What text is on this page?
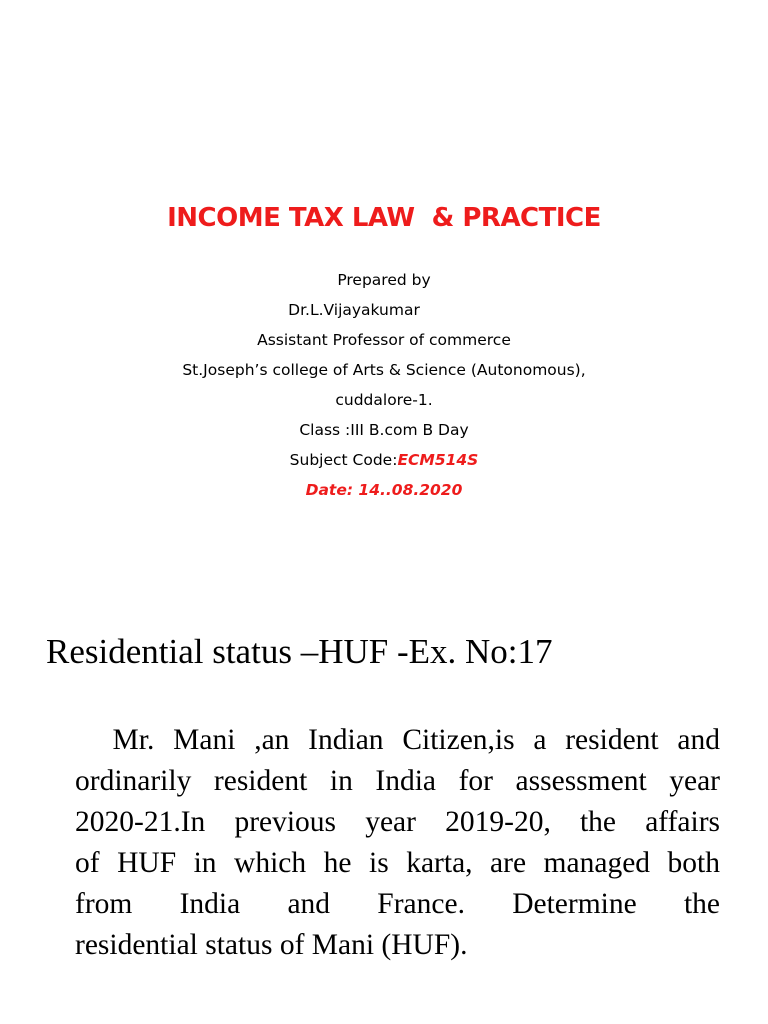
INCOME TAX LAW  & PRACTICE
Prepared by
Dr.L.Vijayakumar
Assistant Professor of commerce
St.Joseph’s college of Arts & Science (Autonomous),
cuddalore-1.
Class :III B.com B Day
Subject Code:ECM514S
Date: 14..08.2020
Residential status –HUF -Ex. No:17
Mr. Mani ,an Indian Citizen,is a resident and
ordinarily resident in India for assessment year
2020-21.In previous year 2019-20, the affairs
of HUF in which he is karta, are managed both
from India and France. Determine the
residential status of Mani (HUF).
